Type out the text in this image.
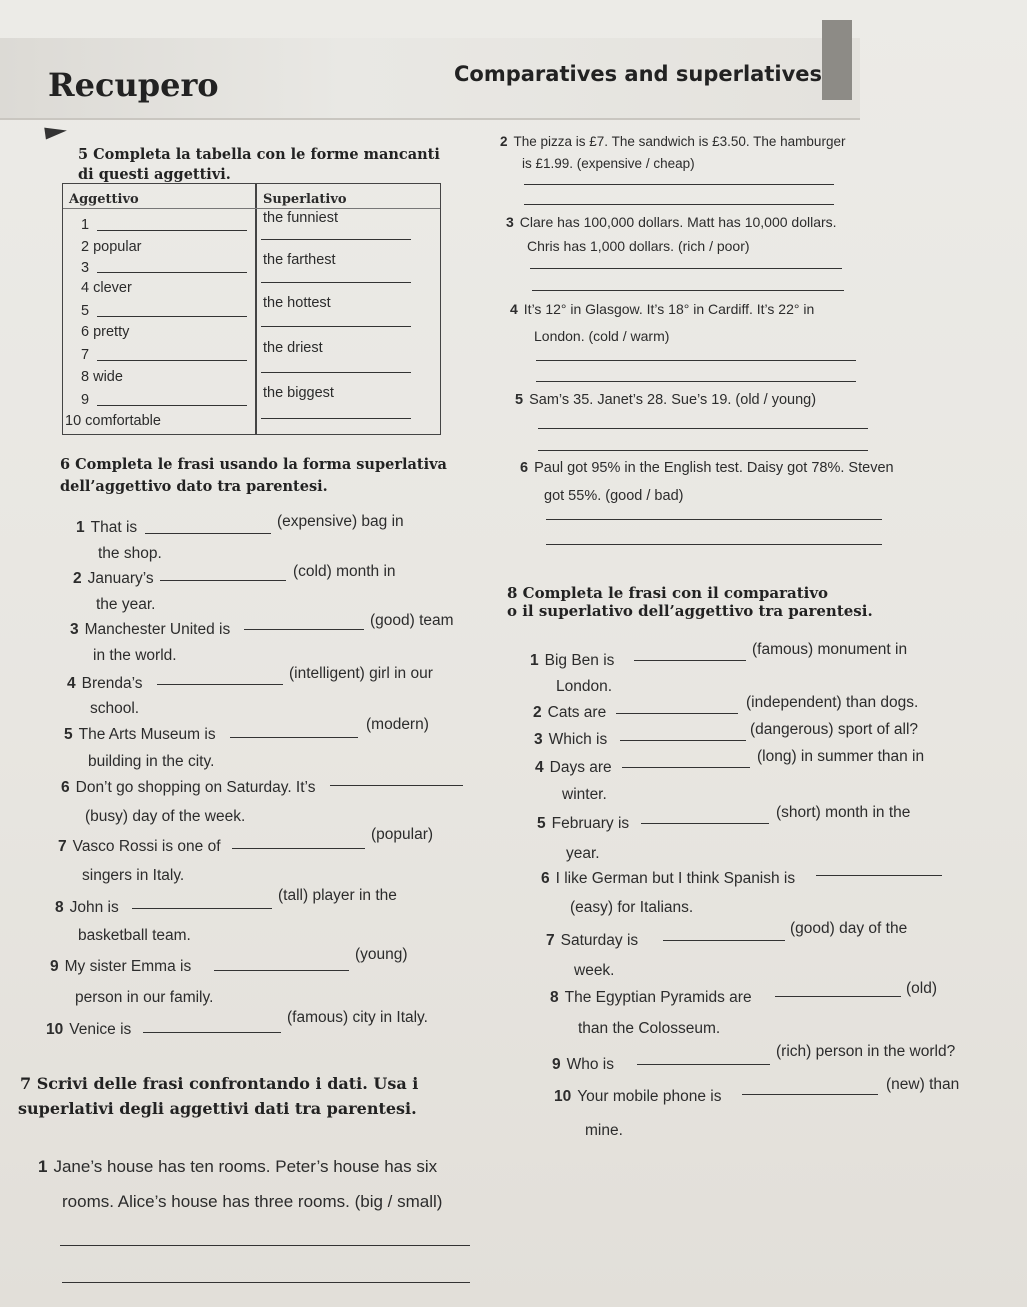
Recupero	Comparatives and superlatives
5 Completa la tabella con le forme mancanti
di questi aggettivi.
Aggettivo	Superlativo
1	the funniest
2 popular
3	the farthest
4 clever
5	the hottest
6 pretty
7	the driest
8 wide
9	the biggest
10 comfortable
6 Completa le frasi usando la forma superlativa
dell’aggettivo dato tra parentesi.
1 That is	(expensive) bag in
the shop.
2 January’s	(cold) month in
the year.
3 Manchester United is
(good) team
in the world.
4 Brenda’s
(intelligent) girl in our
school.
5 The Arts Museum is
(modern)
building in the city.
6 Don’t go shopping on Saturday. It’s
(busy) day of the week.
7 Vasco Rossi is one of
(popular)
singers in Italy.
8 John is
(tall) player in the
basketball team.
9 My sister Emma is
(young)
person in our family.
10 Venice is
(famous) city in Italy.
7 Scrivi delle frasi confrontando i dati. Usa i
superlativi degli aggettivi dati tra parentesi.
1 Jane’s house has ten rooms. Peter’s house has six
rooms. Alice’s house has three rooms. (big / small)
2 The pizza is £7. The sandwich is £3.50. The hamburger
is £1.99. (expensive / cheap)
3 Clare has 100,000 dollars. Matt has 10,000 dollars.
Chris has 1,000 dollars. (rich / poor)
4 It’s 12° in Glasgow. It’s 18° in Cardiff. It’s 22° in
London. (cold / warm)
5 Sam’s 35. Janet’s 28. Sue’s 19. (old / young)
6 Paul got 95% in the English test. Daisy got 78%. Steven
got 55%. (good / bad)
8 Completa le frasi con il comparativo
o il superlativo dell’aggettivo tra parentesi.
1 Big Ben is
(famous) monument in
London.
2 Cats are
(independent) than dogs.
3 Which is
(dangerous) sport of all?
4 Days are
(long) in summer than in
winter.
5 February is
(short) month in the
year.
6 I like German but I think Spanish is
(easy) for Italians.
7 Saturday is
(good) day of the
week.
8 The Egyptian Pyramids are
(old)
than the Colosseum.
9 Who is
(rich) person in the world?
10 Your mobile phone is
(new) than
mine.
